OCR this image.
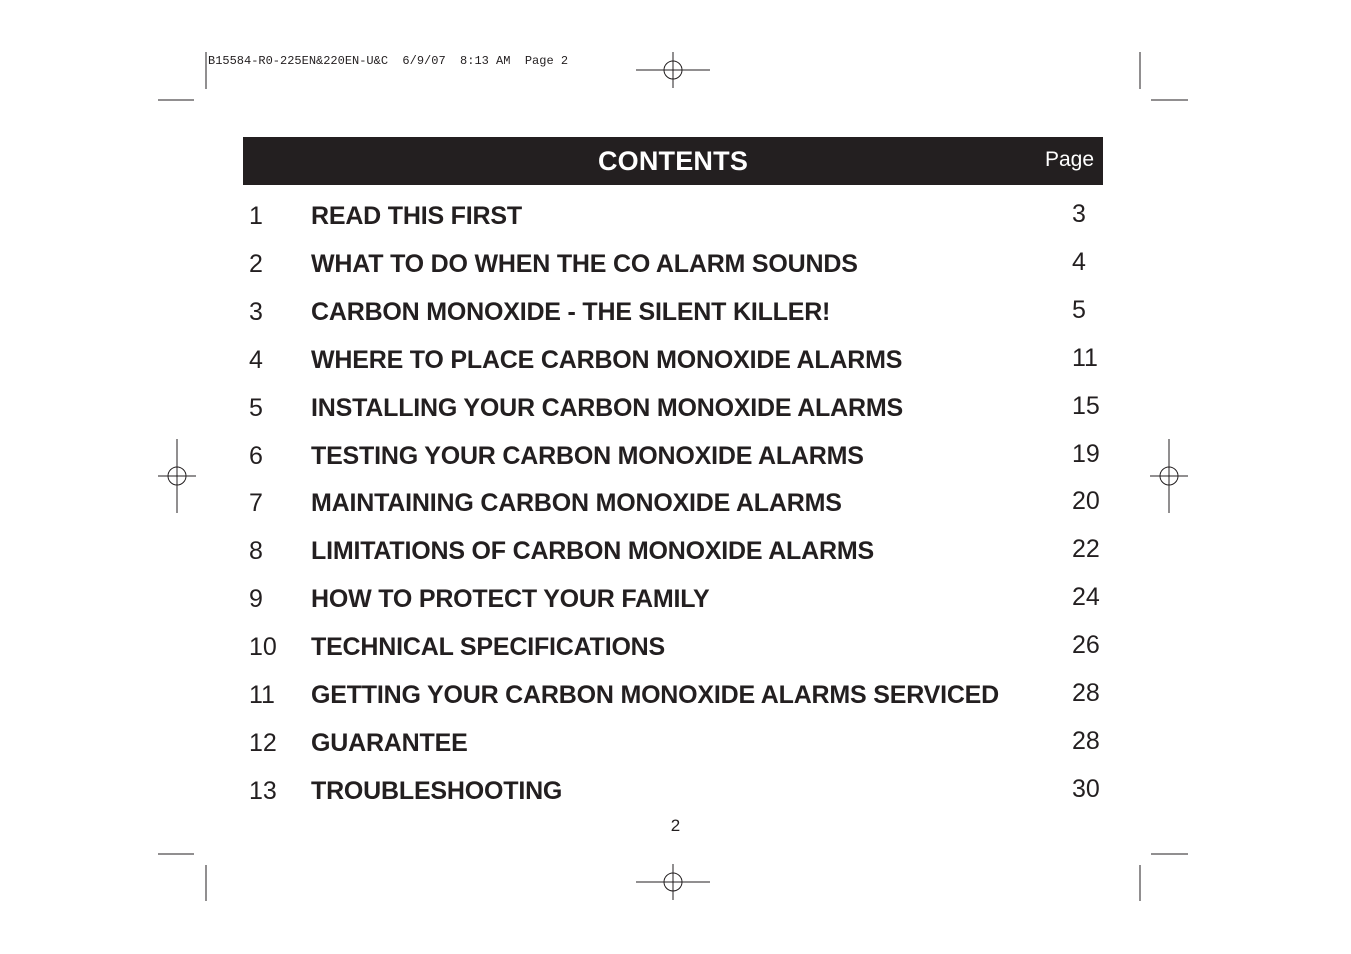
B15584-R0-225EN&220EN-U&C  6/9/07  8:13 AM  Page 2
CONTENTS	Page
1 READ THIS FIRST	3
2 WHAT TO DO WHEN THE CO ALARM SOUNDS	4
3 CARBON MONOXIDE - THE SILENT KILLER!	5
4 WHERE TO PLACE CARBON MONOXIDE ALARMS	11
5 INSTALLING YOUR CARBON MONOXIDE ALARMS	15
6 TESTING YOUR CARBON MONOXIDE ALARMS	19
7 MAINTAINING CARBON MONOXIDE ALARMS	20
8 LIMITATIONS OF CARBON MONOXIDE ALARMS	22
9 HOW TO PROTECT YOUR FAMILY	24
10 TECHNICAL SPECIFICATIONS	26
11 GETTING YOUR CARBON MONOXIDE ALARMS SERVICED	28
12 GUARANTEE	28
13 TROUBLESHOOTING	30
2
